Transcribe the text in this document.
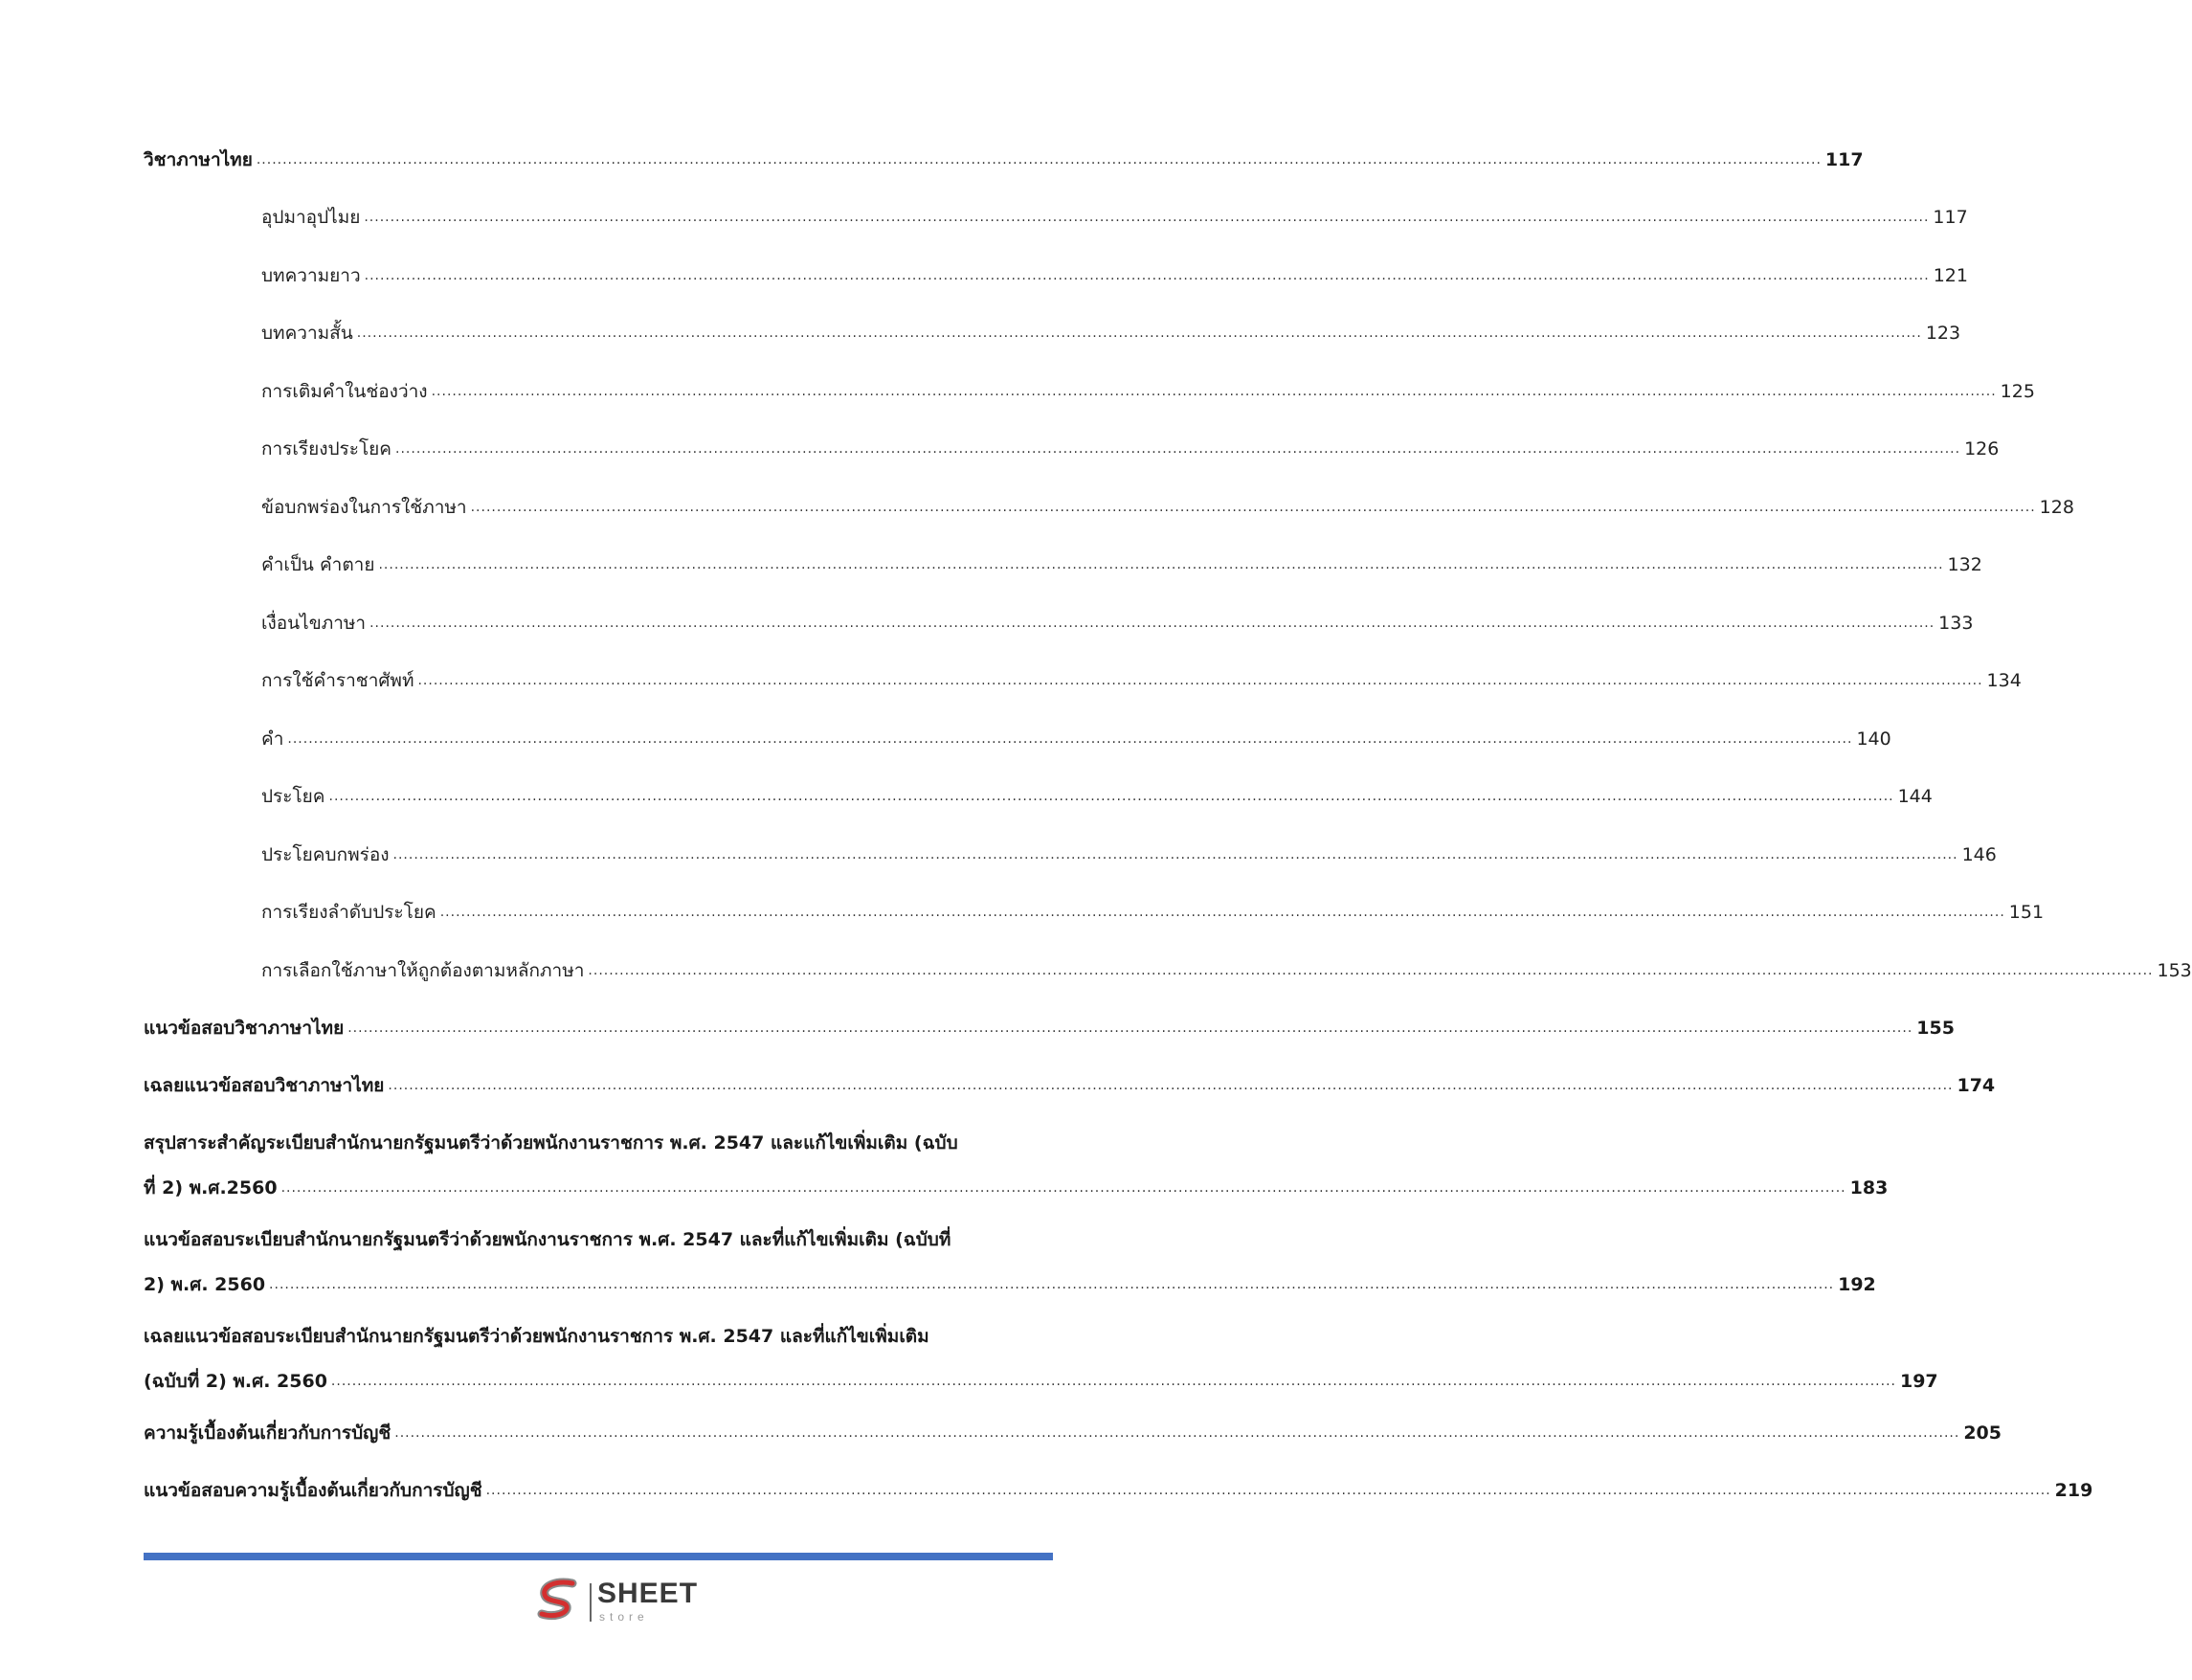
วิชาภาษาไทย ............................................................................................................................................................................................................................................................................................................ 117
อุปมาอุปไมย ............................................................................................................................................................................................................................................................................................................ 117
บทความยาว ............................................................................................................................................................................................................................................................................................................ 121
บทความสั้น ............................................................................................................................................................................................................................................................................................................ 123
การเติมคำในช่องว่าง ............................................................................................................................................................................................................................................................................................................ 125
การเรียงประโยค ............................................................................................................................................................................................................................................................................................................ 126
ข้อบกพร่องในการใช้ภาษา ............................................................................................................................................................................................................................................................................................................ 128
คำเป็น คำตาย ............................................................................................................................................................................................................................................................................................................ 132
เงื่อนไขภาษา ............................................................................................................................................................................................................................................................................................................ 133
การใช้คำราชาศัพท์ ............................................................................................................................................................................................................................................................................................................ 134
คำ ............................................................................................................................................................................................................................................................................................................ 140
ประโยค ............................................................................................................................................................................................................................................................................................................ 144
ประโยคบกพร่อง ............................................................................................................................................................................................................................................................................................................ 146
การเรียงลำดับประโยค ............................................................................................................................................................................................................................................................................................................ 151
การเลือกใช้ภาษาให้ถูกต้องตามหลักภาษา ............................................................................................................................................................................................................................................................................................................ 153
แนวข้อสอบวิชาภาษาไทย ............................................................................................................................................................................................................................................................................................................ 155
เฉลยแนวข้อสอบวิชาภาษาไทย ............................................................................................................................................................................................................................................................................................................ 174
สรุปสาระสำคัญระเบียบสำนักนายกรัฐมนตรีว่าด้วยพนักงานราชการ พ.ศ. 2547 และแก้ไขเพิ่มเติม (ฉบับ
ที่ 2) พ.ศ.2560 ............................................................................................................................................................................................................................................................................................................ 183
แนวข้อสอบระเบียบสำนักนายกรัฐมนตรีว่าด้วยพนักงานราชการ พ.ศ. 2547 และที่แก้ไขเพิ่มเติม (ฉบับที่
2) พ.ศ. 2560 ............................................................................................................................................................................................................................................................................................................ 192
เฉลยแนวข้อสอบระเบียบสำนักนายกรัฐมนตรีว่าด้วยพนักงานราชการ พ.ศ. 2547 และที่แก้ไขเพิ่มเติม
(ฉบับที่ 2) พ.ศ. 2560 ............................................................................................................................................................................................................................................................................................................ 197
ความรู้เบื้องต้นเกี่ยวกับการบัญชี ............................................................................................................................................................................................................................................................................................................ 205
แนวข้อสอบความรู้เบื้องต้นเกี่ยวกับการบัญชี ............................................................................................................................................................................................................................................................................................................ 219
SHEET
store
